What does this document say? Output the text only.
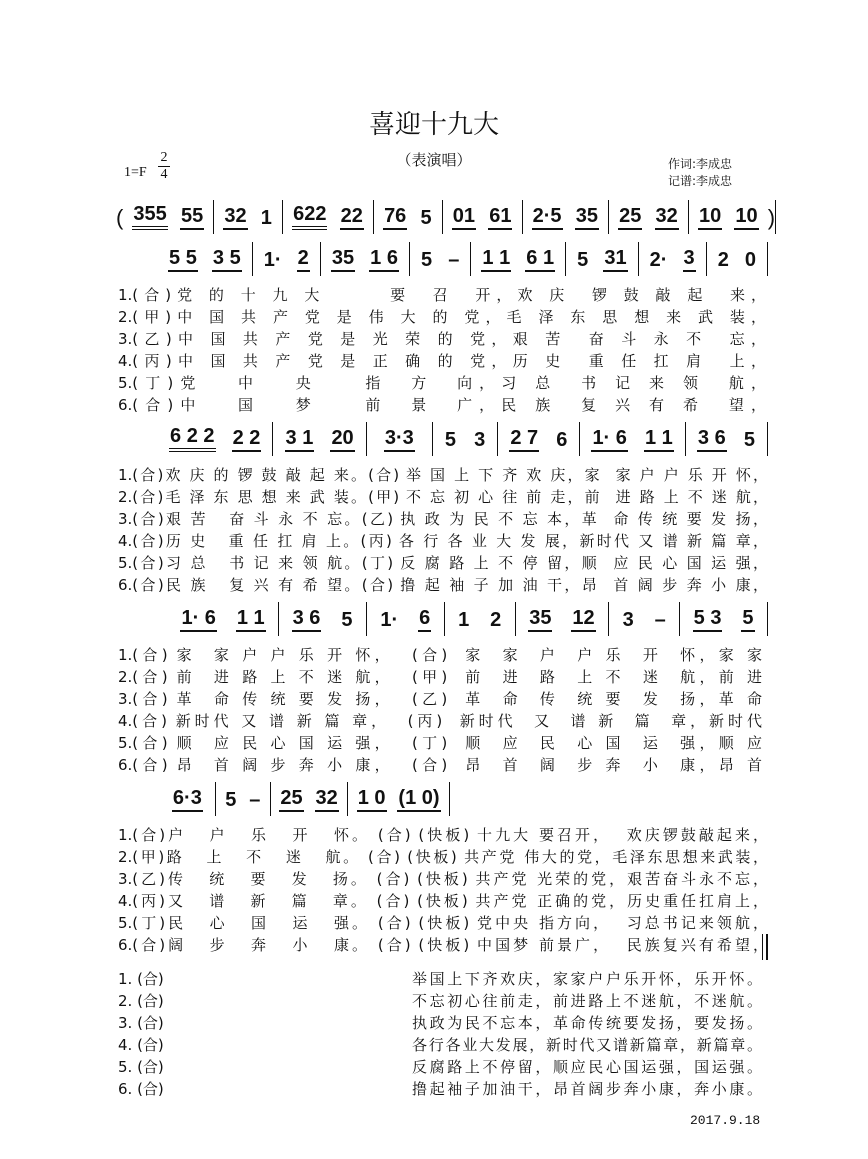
喜迎十九大
（表演唱）
1=F
2
4
作词:李成忠
记谱:李成忠
( 355 55 32 1 622 22 76 5 01 61 2·5 35 25 32 10 10 )
5 5 3 5 1· 2 35 1 6 5 – 1 1 6 1 5 31 2· 3 2 0
1.(合)党 的 十 九 大      要  召  开，欢 庆  锣 鼓 敲 起  来，
2.(甲)中 国 共 产 党 是 伟 大 的 党，毛 泽 东 思 想 来 武 装，
3.(乙)中 国 共 产 党 是 光 荣 的 党，艰 苦  奋 斗 永 不  忘，
4.(丙)中 国 共 产 党 是 正 确 的 党，历 史  重 任 扛 肩  上，
5.(丁)党   中   央    指  方  向，习 总  书 记 来 领  航，
6.(合)中   国   梦    前  景  广，民 族  复 兴 有 希  望，
6 2 2 2 2 3 1 20 3·3 5 3 2 7 6 1· 6 1 1 3 6 5
1.(合)欢 庆 的 锣 鼓 敲 起 来。(合) 举 国 上 下 齐 欢 庆，家  家 户 户 乐 开 怀，
2.(合)毛 泽 东 思 想 来 武 装。(甲) 不 忘 初 心 往 前 走，前  进 路 上 不 迷 航，
3.(合)艰 苦   奋 斗 永 不 忘。(乙) 执 政 为 民 不 忘 本，革  命 传 统 要 发 扬，
4.(合)历 史   重 任 扛 肩 上。(丙) 各 行 各 业 大 发 展，新时代 又 谱 新 篇 章，
5.(合)习 总   书 记 来 领 航。(丁) 反 腐 路 上 不 停 留，顺  应 民 心 国 运 强，
6.(合)民 族   复 兴 有 希 望。(合) 撸 起 袖 子 加 油 干，昂  首 阔 步 奔 小 康，
1· 6 1 1 3 6 5 1· 6 1 2 35 12 3 – 5 3 5
1.(合) 家  家 户 户 乐 开 怀，  (合)  家  家  户  户 乐  开  怀，家 家
2.(合) 前  进 路 上 不 迷 航，  (甲)  前  进  路  上 不  迷  航，前 进
3.(合) 革  命 传 统 要 发 扬，  (乙)  革  命  传  统 要  发  扬，革 命
4.(合) 新时代 又 谱 新 篇 章，  (丙)  新时代  又  谱 新  篇  章，新时代
5.(合) 顺  应 民 心 国 运 强，  (丁)  顺  应  民  心 国  运  强，顺 应
6.(合) 昂  首 阔 步 奔 小 康，  (合)  昂  首  阔  步 奔  小  康，昂 首
6·3 5 – 25 32 1 0 (1 0)
1.(合)户   户   乐   开   怀。 (合) (快板) 十九大 要召开，  欢庆锣鼓敲起来，
2.(甲)路   上   不   迷   航。 (合) (快板) 共产党 伟大的党，毛泽东思想来武装，
3.(乙)传   统   要   发   扬。 (合) (快板) 共产党 光荣的党，艰苦奋斗永不忘，
4.(丙)又   谱   新   篇   章。 (合) (快板) 共产党 正确的党，历史重任扛肩上，
5.(丁)民   心   国   运   强。 (合) (快板) 党中央 指方向，  习总书记来领航，
6.(合)阔   步   奔   小   康。 (合) (快板) 中国梦 前景广，  民族复兴有希望，
1. (合)
2. (合)
3. (合)
4. (合)
5. (合)
6. (合)
举国上下齐欢庆，家家户户乐开怀，乐开怀。
不忘初心往前走，前进路上不迷航，不迷航。
执政为民不忘本，革命传统要发扬，要发扬。
各行各业大发展，新时代又谱新篇章，新篇章。
反腐路上不停留，顺应民心国运强，国运强。
撸起袖子加油干，昂首阔步奔小康，奔小康。
2017.9.18
